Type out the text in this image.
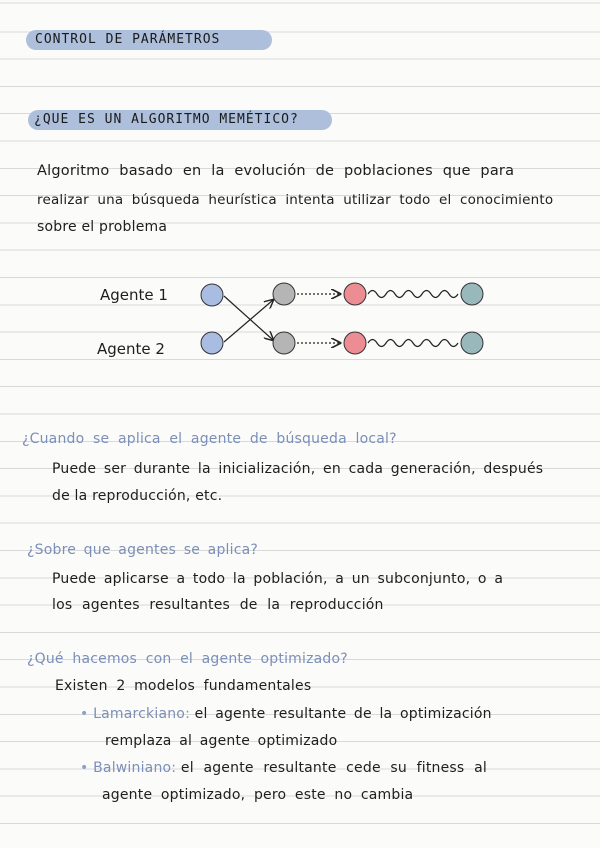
CONTROL DE PARÁMETROS
¿QUE ES UN ALGORITMO MEMÉTICO?
Algoritmo basado en la evolución de poblaciones que para
realizar una búsqueda heurística intenta utilizar todo el conocimiento
sobre el problema
Agente 1
Agente 2
¿Cuando se aplica el agente de búsqueda local?
Puede ser durante la inicialización, en cada generación, después
de la reproducción, etc.
¿Sobre que agentes se aplica?
Puede aplicarse a todo la población, a un subconjunto, o a
los agentes resultantes de la reproducción
¿Qué hacemos con el agente optimizado?
Existen 2 modelos fundamentales
• Lamarckiano: el agente resultante de la optimización
remplaza al agente optimizado
• Balwiniano: el agente resultante cede su fitness al
agente optimizado, pero este no cambia
